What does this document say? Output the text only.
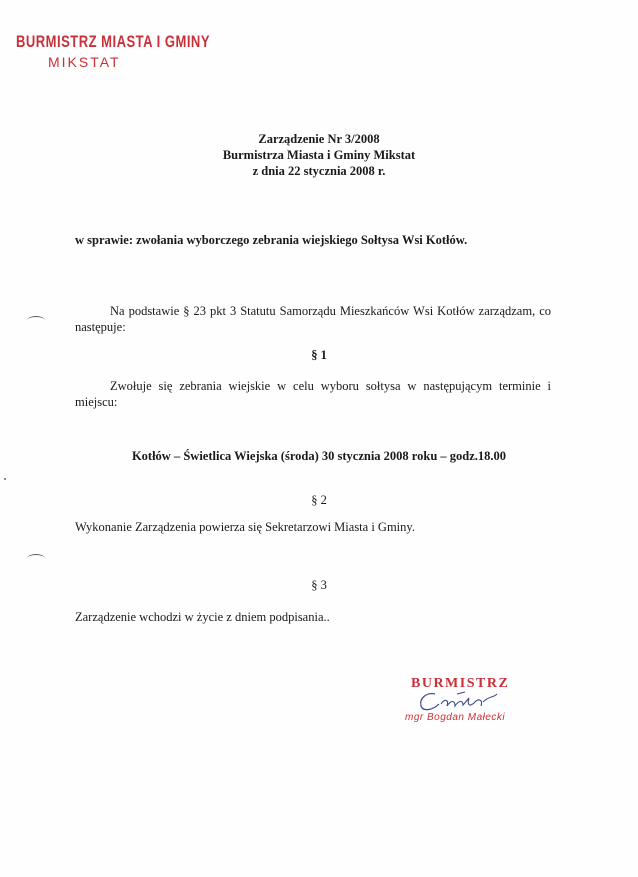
BURMISTRZ MIASTA I GMINY
MIKSTAT
Zarządzenie Nr 3/2008
Burmistrza Miasta i Gminy Mikstat
z dnia 22 stycznia 2008 r.
w sprawie: zwołania wyborczego zebrania wiejskiego Sołtysa Wsi Kotłów.
Na podstawie § 23 pkt 3 Statutu Samorządu Mieszkańców Wsi Kotłów zarządzam, co
następuje:
§ 1
Zwołuje się zebrania wiejskie w celu wyboru sołtysa w następującym terminie i
miejscu:
Kotłów – Świetlica Wiejska (środa) 30 stycznia 2008 roku – godz.18.00
§ 2
Wykonanie Zarządzenia powierza się Sekretarzowi Miasta i Gminy.
§ 3
Zarządzenie wchodzi w życie z dniem podpisania..
BURMISTRZ
mgr Bogdan Małecki
